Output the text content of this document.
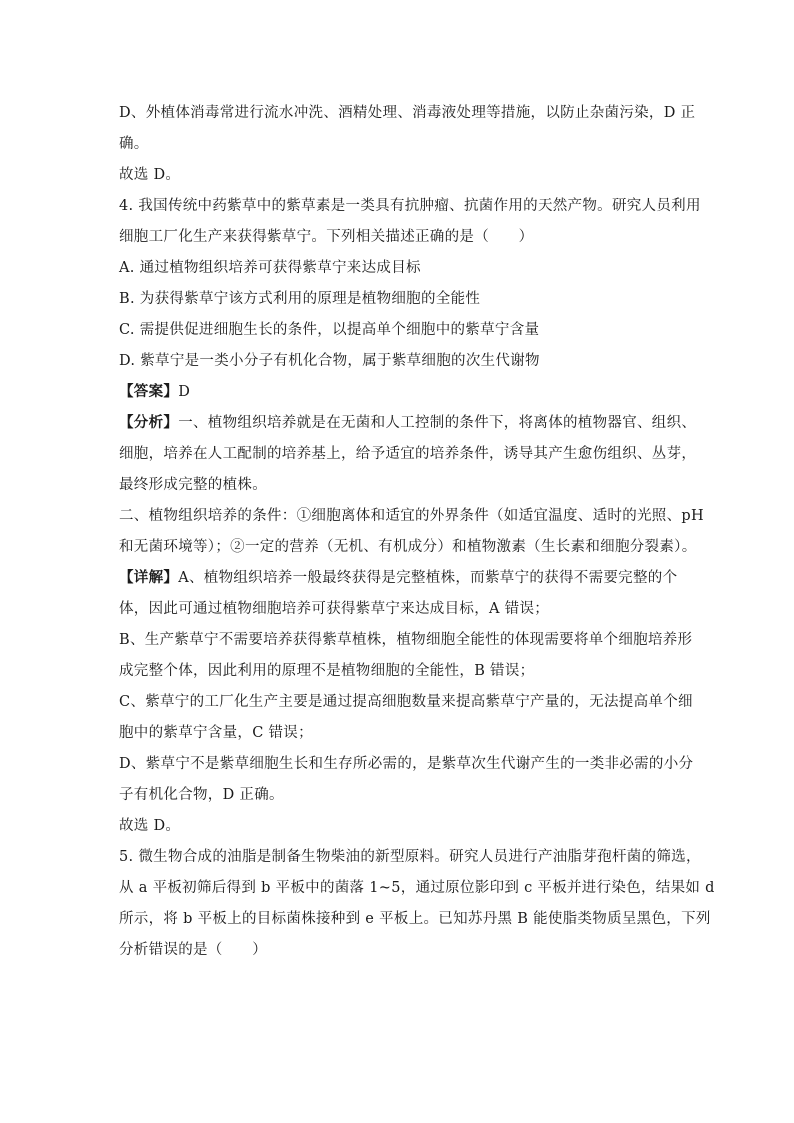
D、外植体消毒常进行流水冲洗、酒精处理、消毒液处理等措施，以防止杂菌污染，D 正
确。
故选 D。
4. 我国传统中药紫草中的紫草素是一类具有抗肿瘤、抗菌作用的天然产物。研究人员利用
细胞工厂化生产来获得紫草宁。下列相关描述正确的是（　　）
A. 通过植物组织培养可获得紫草宁来达成目标
B. 为获得紫草宁该方式利用的原理是植物细胞的全能性
C. 需提供促进细胞生长的条件，以提高单个细胞中的紫草宁含量
D. 紫草宁是一类小分子有机化合物，属于紫草细胞的次生代谢物
【答案】D
【分析】一、植物组织培养就是在无菌和人工控制的条件下，将离体的植物器官、组织、
细胞，培养在人工配制的培养基上，给予适宜的培养条件，诱导其产生愈伤组织、丛芽，
最终形成完整的植株。
二、植物组织培养的条件：①细胞离体和适宜的外界条件（如适宜温度、适时的光照、pH
和无菌环境等）；②一定的营养（无机、有机成分）和植物激素（生长素和细胞分裂素）。
【详解】A、植物组织培养一般最终获得是完整植株，而紫草宁的获得不需要完整的个
体，因此可通过植物细胞培养可获得紫草宁来达成目标，A 错误；
B、生产紫草宁不需要培养获得紫草植株，植物细胞全能性的体现需要将单个细胞培养形
成完整个体，因此利用的原理不是植物细胞的全能性，B 错误；
C、紫草宁的工厂化生产主要是通过提高细胞数量来提高紫草宁产量的，无法提高单个细
胞中的紫草宁含量，C 错误；
D、紫草宁不是紫草细胞生长和生存所必需的，是紫草次生代谢产生的一类非必需的小分
子有机化合物，D 正确。
故选 D。
5. 微生物合成的油脂是制备生物柴油的新型原料。研究人员进行产油脂芽孢杆菌的筛选，
从 a 平板初筛后得到 b 平板中的菌落 1~5，通过原位影印到 c 平板并进行染色，结果如 d
所示，将 b 平板上的目标菌株接种到 e 平板上。已知苏丹黑 B 能使脂类物质呈黑色，下列
分析错误的是（　　）
